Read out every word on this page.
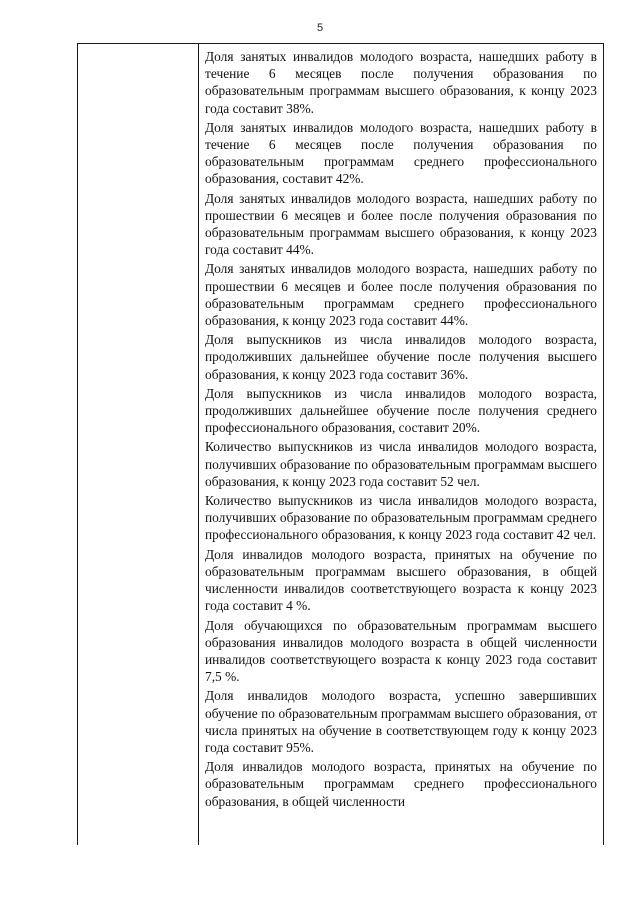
5

Доля занятых инвалидов молодого возраста, нашедших работу в течение 6 месяцев после получения образования по образовательным программам высшего образования, к концу 2023 года составит 38%.

Доля занятых инвалидов молодого возраста, нашедших работу в течение 6 месяцев после получения образования по образовательным программам среднего профессионального образования, составит 42%.

Доля занятых инвалидов молодого возраста, нашедших работу по прошествии 6 месяцев и более после получения образования по образовательным программам высшего образования, к концу 2023 года составит 44%.

Доля занятых инвалидов молодого возраста, нашедших работу по прошествии 6 месяцев и более после получения образования по образовательным программам среднего профессионального образования, к концу 2023 года составит 44%.

Доля выпускников из числа инвалидов молодого возраста, продолживших дальнейшее обучение после получения высшего образования, к концу 2023 года составит 36%.

Доля выпускников из числа инвалидов молодого возраста, продолживших дальнейшее обучение после получения среднего профессионального образования, составит 20%.

Количество выпускников из числа инвалидов молодого возраста, получивших образование по образовательным программам высшего образования, к концу 2023 года составит 52 чел.

Количество выпускников из числа инвалидов молодого возраста, получивших образование по образовательным программам среднего профессионального образования, к концу 2023 года составит 42 чел.

Доля инвалидов молодого возраста, принятых на обучение по образовательным программам высшего образования, в общей численности инвалидов соответствующего возраста к концу 2023 года составит 4 %.

Доля обучающихся по образовательным программам высшего образования инвалидов молодого возраста в общей численности инвалидов соответствующего возраста к концу 2023 года составит 7,5 %.

Доля инвалидов молодого возраста, успешно завершивших обучение по образовательным программам высшего образования, от числа принятых на обучение в соответствующем году к концу 2023 года составит 95%.

Доля инвалидов молодого возраста, принятых на обучение по образовательным программам среднего профессионального образования, в общей численности
